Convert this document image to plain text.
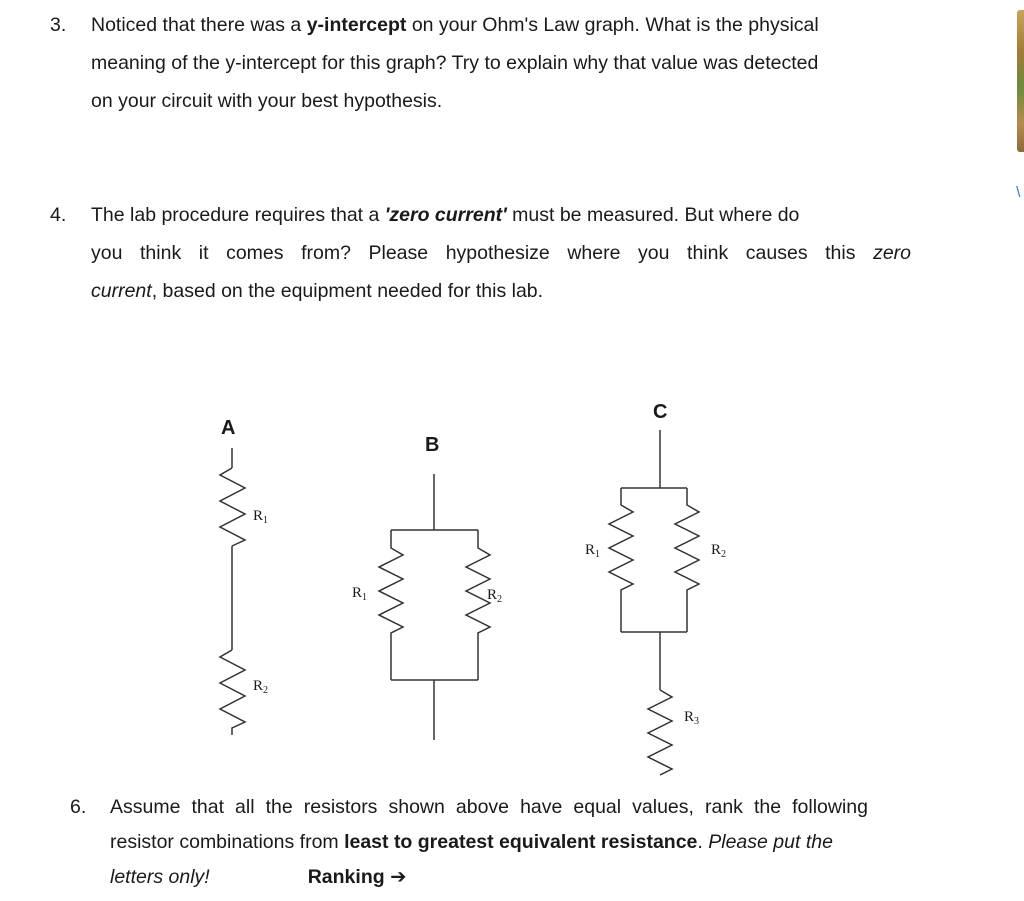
3. Noticed that there was a y-intercept on your Ohm's Law graph. What is the physical
meaning of the y-intercept for this graph? Try to explain why that value was detected
on your circuit with your best hypothesis.
4. The lab procedure requires that a 'zero current' must be measured. But where do
you think it comes from? Please hypothesize where you think causes this zero
current, based on the equipment needed for this lab.
A
$R_1$
$R_2$
B
$R_1$	$R_2$
C
$R_1$	$R_2$
$R_3$
6. Assume that all the resistors shown above have equal values, rank the following
resistor combinations from least to greatest equivalent resistance. Please put the
letters only!	Ranking ➔
\
